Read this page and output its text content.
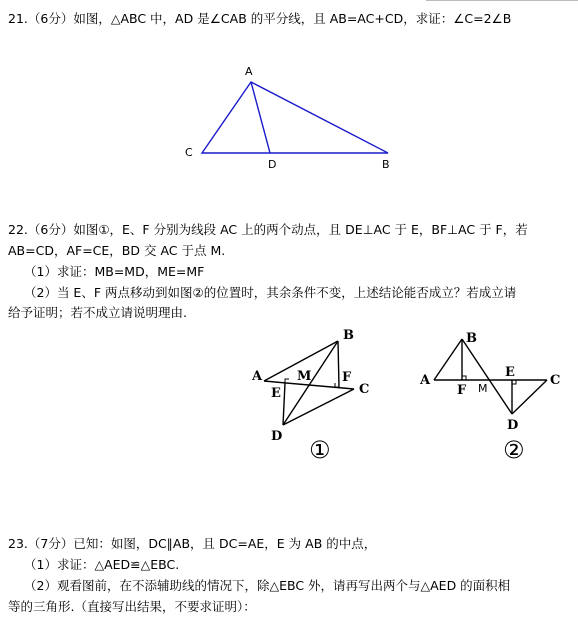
21.（6分）如图，△ABC 中，AD 是∠CAB 的平分线，且 AB=AC+CD，求证：∠C=2∠B
A
C
D	B
A
B
C
D
E
F
M
①
A
B
C
D
E
F M
②
22.（6分）如图①，E、F 分别为线段 AC 上的两个动点，且 DE⊥AC 于 E，BF⊥AC 于 F，若
AB=CD，AF=CE，BD 交 AC 于点 M.
（1）求证：MB=MD，ME=MF
（2）当 E、F 两点移动到如图②的位置时，其余条件不变，上述结论能否成立？若成立请
给予证明；若不成立请说明理由.
23.（7分）已知：如图，DC∥AB，且 DC=AE，E 为 AB 的中点，
（1）求证：△AED≌△EBC.
（2）观看图前，在不添辅助线的情况下，除△EBC 外，请再写出两个与△AED 的面积相
等的三角形.（直接写出结果，不要求证明）：
